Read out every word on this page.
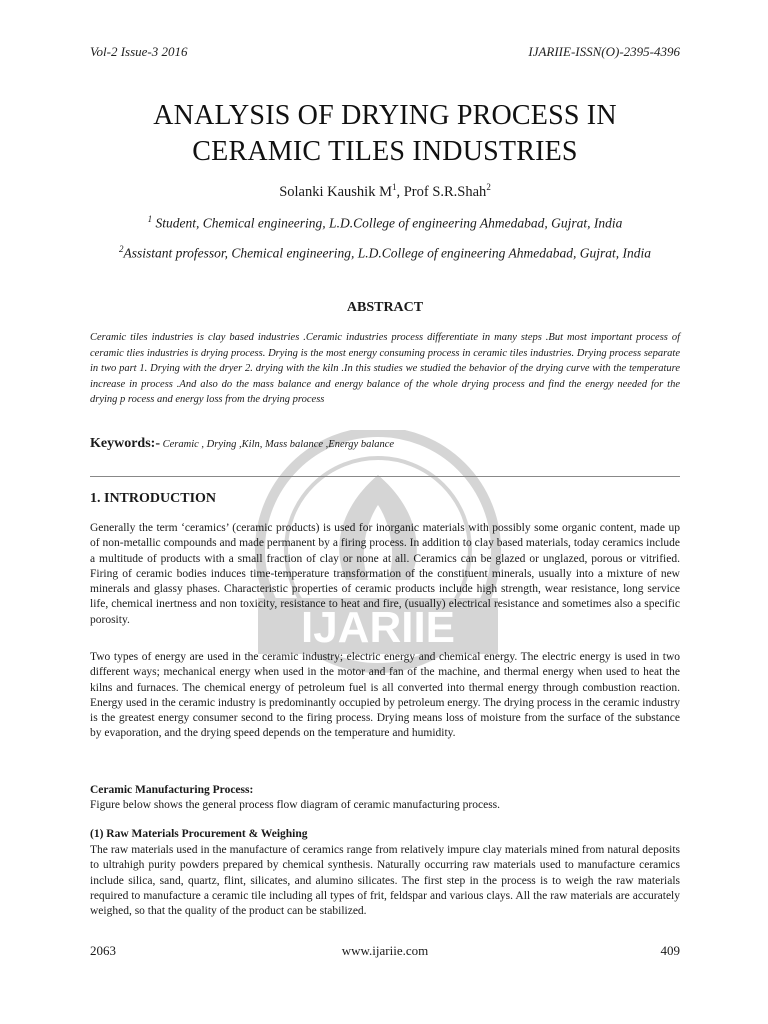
IJARIIE
Vol-2 Issue-3 2016	IJARIIE-ISSN(O)-2395-4396
ANALYSIS OF DRYING PROCESS IN
CERAMIC TILES INDUSTRIES
Solanki Kaushik $M^1$, Prof S.R.Shah$^2$
$^1$ Student, Chemical engineering, L.D.College of engineering Ahmedabad, Gujrat, India
$^2$Assistant professor, Chemical engineering, L.D.College of engineering Ahmedabad, Gujrat, India
ABSTRACT

Ceramic tiles industries is clay based industries .Ceramic industries process differentiate in many steps .But most important process of ceramic tlies industries is drying process. Drying is the most energy consuming process in ceramic tiles industries. Drying process separate in two part 1. Drying with the dryer 2. drying with the kiln .In this studies we studied the behavior of the drying curve with the temperature increase in process .And also do the mass balance and energy balance of the whole drying process and find the energy needed for the drying p rocess and energy loss from the drying process

Keywords:- Ceramic , Drying ,Kiln, Mass balance ,Energy balance
1. INTRODUCTION

Generally the term ‘ceramics’ (ceramic products) is used for inorganic materials with possibly some organic content, made up of non-metallic compounds and made permanent by a firing process. In addition to clay based materials, today ceramics include a multitude of products with a small fraction of clay or none at all. Ceramics can be glazed or unglazed, porous or vitrified. Firing of ceramic bodies induces time-temperature transformation of the constituent minerals, usually into a mixture of new minerals and glassy phases. Characteristic properties of ceramic products include high strength, wear resistance, long service life, chemical inertness and non toxicity, resistance to heat and fire, (usually) electrical resistance and sometimes also a specific porosity.

Two types of energy are used in the ceramic industry; electric energy and chemical energy. The electric energy is used in two different ways; mechanical energy when used in the motor and fan of the machine, and thermal energy when used to heat the kilns and furnaces. The chemical energy of petroleum fuel is all converted into thermal energy through combustion reaction. Energy used in the ceramic industry is predominantly occupied by petroleum energy. The drying process in the ceramic industry is the greatest energy consumer second to the firing process. Drying means loss of moisture from the surface of the substance by evaporation, and the drying speed depends on the temperature and humidity.

Ceramic Manufacturing Process:
Figure below shows the general process flow diagram of ceramic manufacturing process.
(1) Raw Materials Procurement & Weighing

The raw materials used in the manufacture of ceramics range from relatively impure clay materials mined from natural deposits to ultrahigh purity powders prepared by chemical synthesis. Naturally occurring raw materials used to manufacture ceramics include silica, sand, quartz, flint, silicates, and alumino silicates. The first step in the process is to weigh the raw materials required to manufacture a ceramic tile including all types of frit, feldspar and various clays. All the raw materials are accurately weighed, so that the quality of the product can be stabilized.

2063	www.ijariie.com	409
